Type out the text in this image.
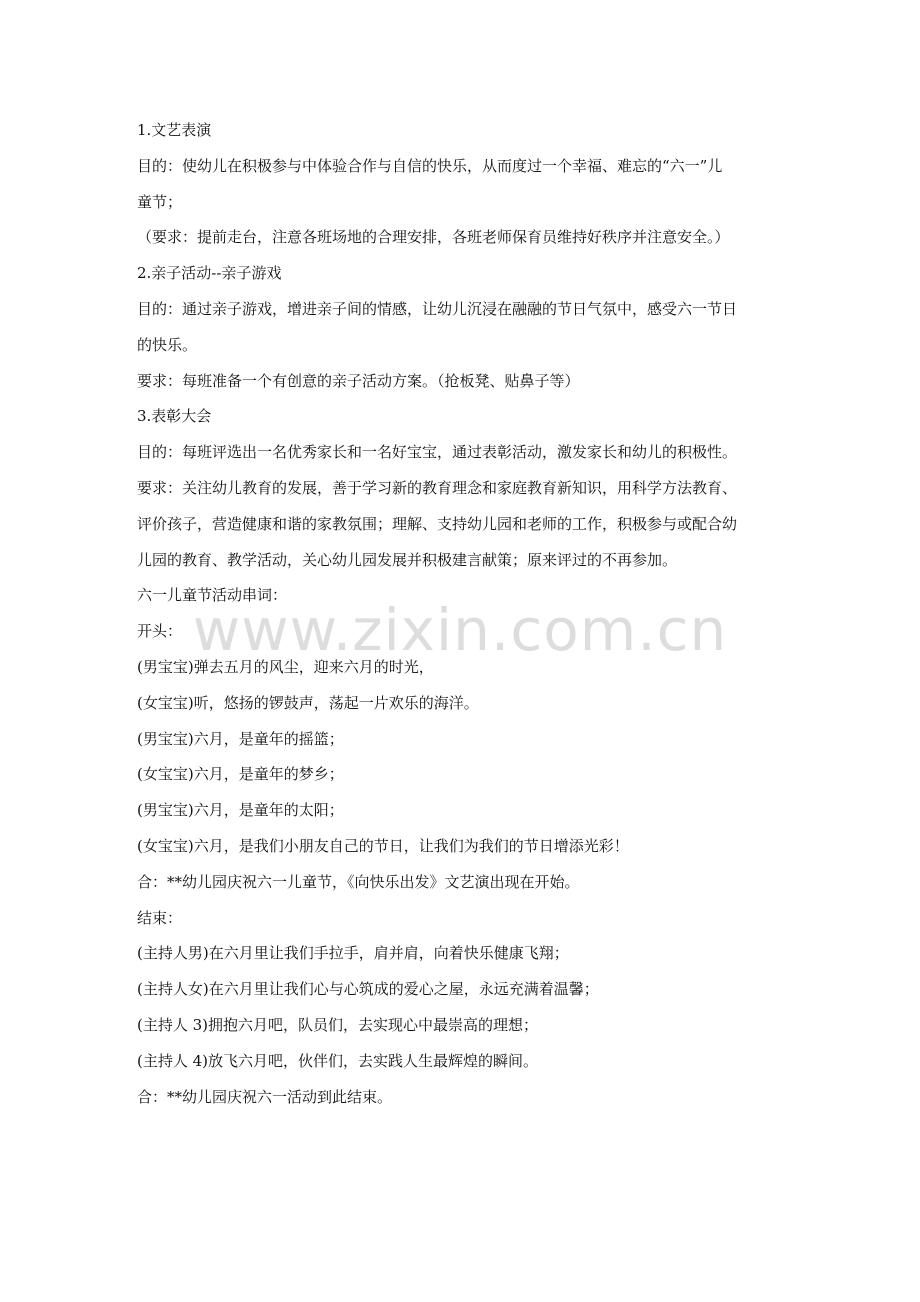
1.文艺表演
目的：使幼儿在积极参与中体验合作与自信的快乐，从而度过一个幸福、难忘的“六一”儿
童节；
（要求：提前走台，注意各班场地的合理安排，各班老师保育员维持好秩序并注意安全。）
2.亲子活动--亲子游戏
目的：通过亲子游戏，增进亲子间的情感，让幼儿沉浸在融融的节日气氛中，感受六一节日
的快乐。
要求：每班准备一个有创意的亲子活动方案。（抢板凳、贴鼻子等）
3.表彰大会
目的：每班评选出一名优秀家长和一名好宝宝，通过表彰活动，激发家长和幼儿的积极性。
要求：关注幼儿教育的发展，善于学习新的教育理念和家庭教育新知识，用科学方法教育、
评价孩子，营造健康和谐的家教氛围；理解、支持幼儿园和老师的工作，积极参与或配合幼
儿园的教育、教学活动，关心幼儿园发展并积极建言献策；原来评过的不再参加。
六一儿童节活动串词：
开头：
(男宝宝)弹去五月的风尘，迎来六月的时光，
(女宝宝)听，悠扬的锣鼓声，荡起一片欢乐的海洋。
(男宝宝)六月，是童年的摇篮；
(女宝宝)六月，是童年的梦乡；
(男宝宝)六月，是童年的太阳；
(女宝宝)六月，是我们小朋友自己的节日，让我们为我们的节日增添光彩！
合：**幼儿园庆祝六一儿童节，《向快乐出发》文艺演出现在开始。
结束：
(主持人男)在六月里让我们手拉手，肩并肩，向着快乐健康飞翔；
(主持人女)在六月里让我们心与心筑成的爱心之屋，永远充满着温馨；
(主持人 3)拥抱六月吧，队员们，去实现心中最崇高的理想；
(主持人 4)放飞六月吧，伙伴们，去实践人生最辉煌的瞬间。
合：**幼儿园庆祝六一活动到此结束。
www.zixin.com.cn
